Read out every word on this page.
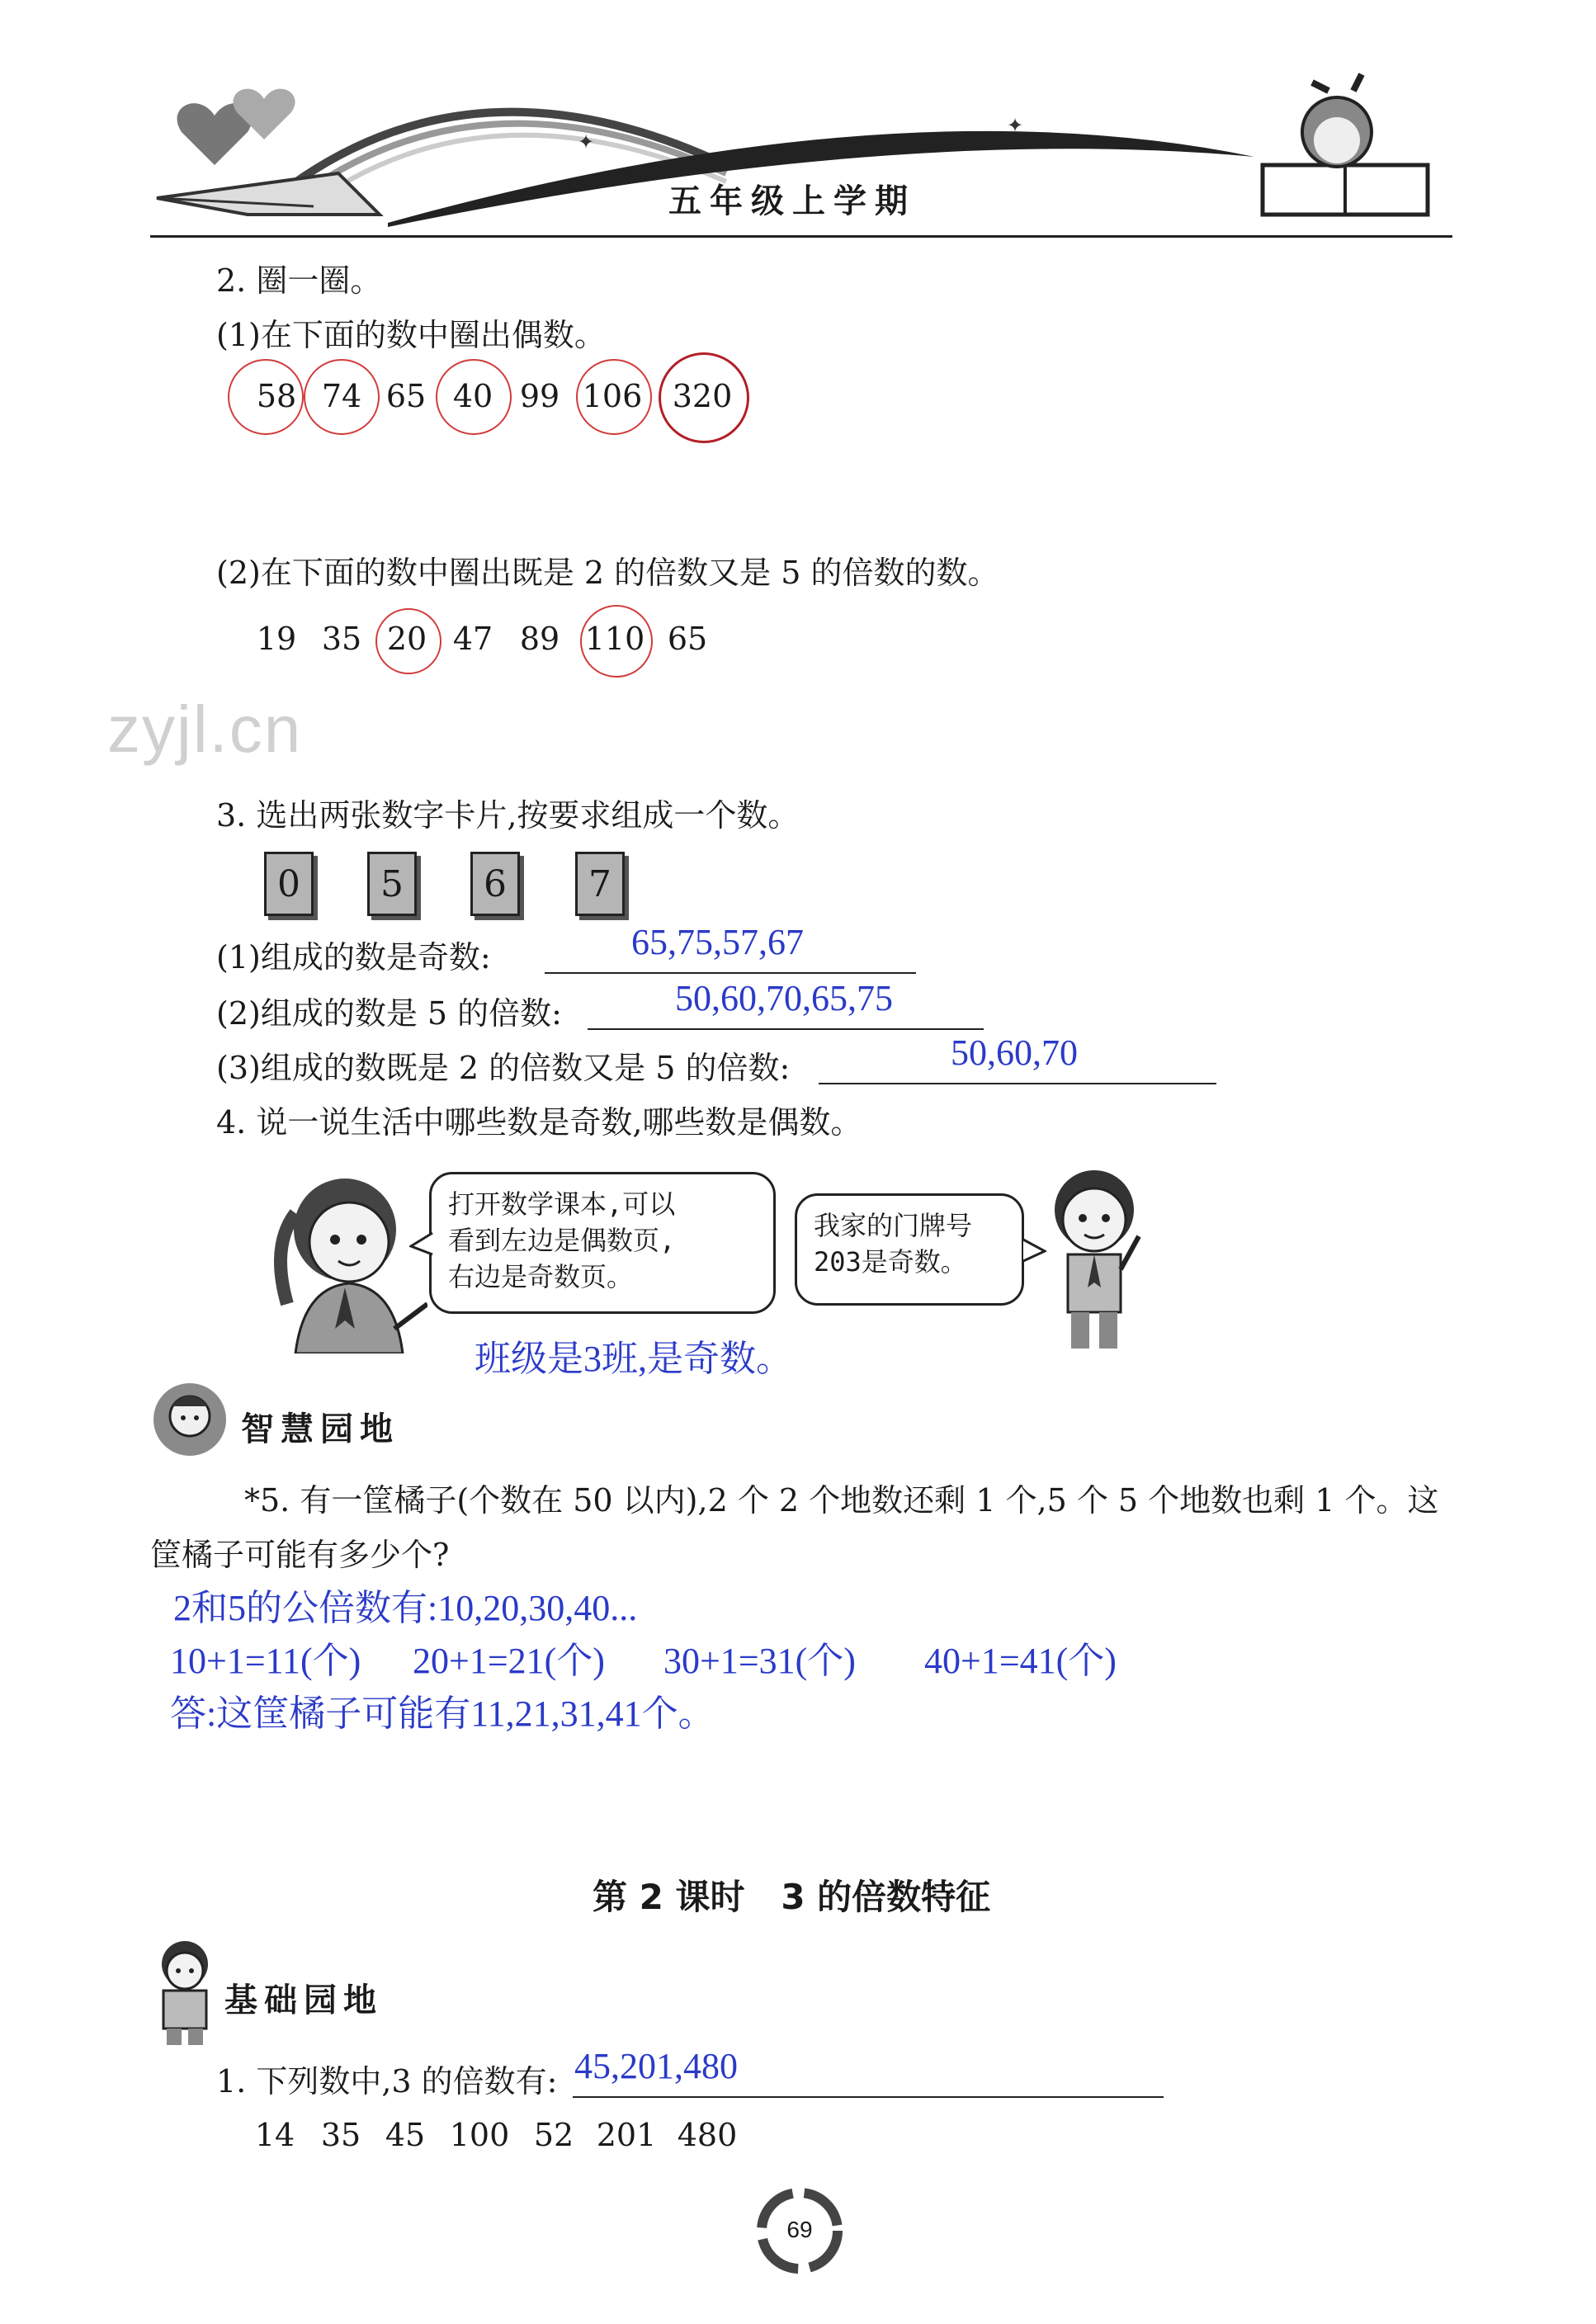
✦
✦
五年级上学期
2. 圈一圈。
(1)在下面的数中圈出偶数。
58 74 65 40 99 106 320
(2)在下面的数中圈出既是 2 的倍数又是 5 的倍数的数。
19 35 20 47 89 110 65
zyjl.cn
3. 选出两张数字卡片,按要求组成一个数。
0	5	6	7
(1)组成的数是奇数:	65,75,57,67
(2)组成的数是 5 的倍数:	50,60,70,65,75
(3)组成的数既是 2 的倍数又是 5 的倍数:	50,60,70
4. 说一说生活中哪些数是奇数,哪些数是偶数。
打开数学课本,可以
看到左边是偶数页,
右边是奇数页。
我家的门牌号
203是奇数。
班级是3班,是奇数。
智慧园地
*5. 有一筐橘子(个数在 50 以内),2 个 2 个地数还剩 1 个,5 个 5 个地数也剩 1 个。这
筐橘子可能有多少个?
2和5的公倍数有:10,20,30,40...
10+1=11(个) 20+1=21(个) 30+1=31(个) 40+1=41(个)
答:这筐橘子可能有11,21,31,41个。
第 2 课时   3 的倍数特征
基础园地
1. 下列数中,3 的倍数有: 45,201,480
14 35 45 100 52 201 480
69
